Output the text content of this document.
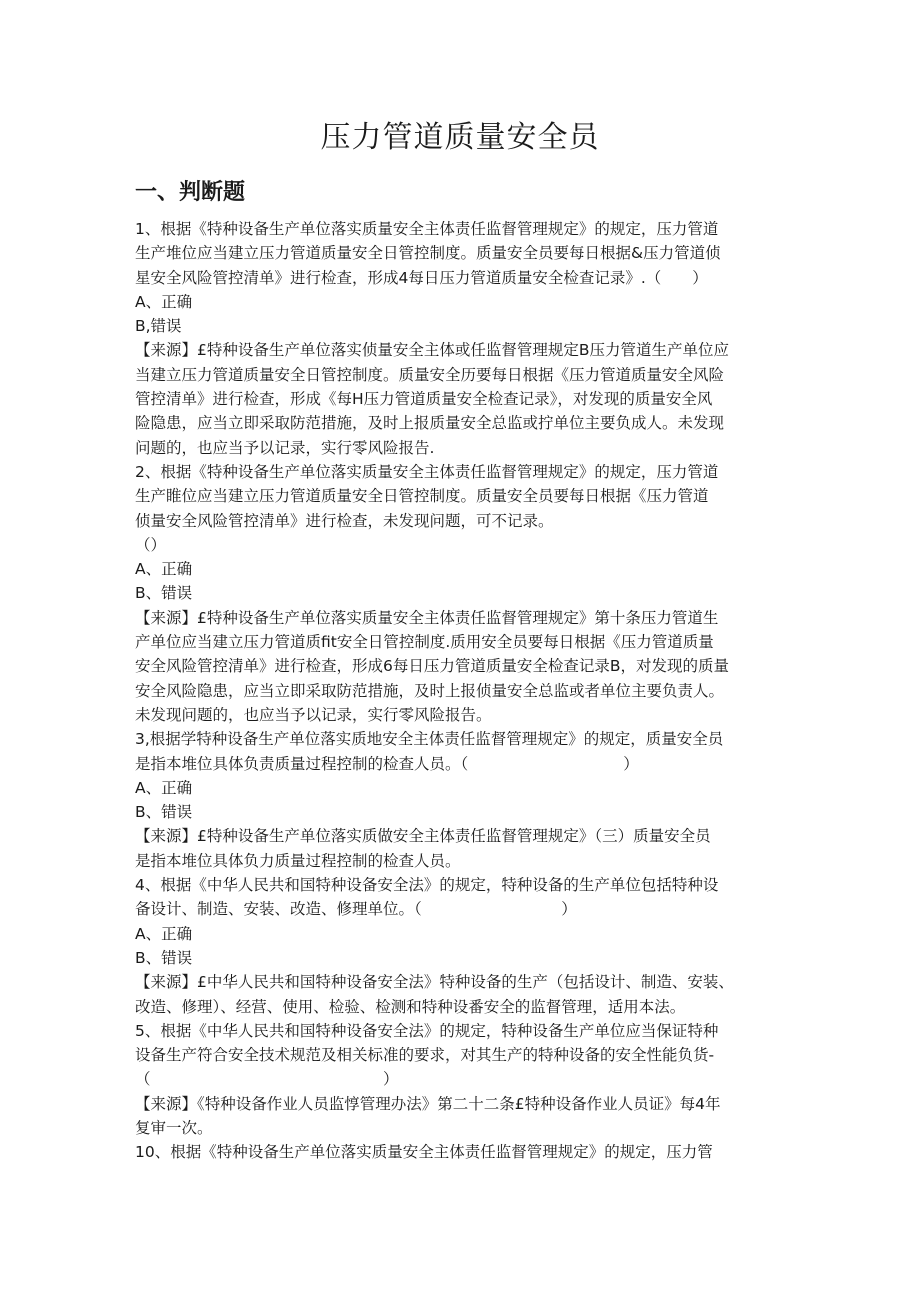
压力管道质量安全员
一、判断题

1、根据《特种设备生产单位落实质量安全主体责任监督管理规定》的规定，压力管道

生产堆位应当建立压力管道质量安全日管控制度。质量安全员要每日根据&压力管道侦

星安全风险管控清单》进行检查，形成4每日压力管道质量安全检查记录》.（　　）

A、正确

B,错误

【来源】£特种设备生产单位落实侦量安全主体或任监督管理规定B压力管道生产单位应

当建立压力管道质量安全日管控制度。质量安全历要每日根据《压力管道质量安全风险

管控清单》进行检查，形成《每H压力管道质量安全检查记录》，对发现的质量安全风

险隐患，应当立即采取防范措施，及时上报质量安全总监或拧单位主要负成人。未发现

问题的，也应当予以记录，实行零风险报告.

2、根据《特种设备生产单位落实质量安全主体责任监督管理规定》的规定，压力管道

生产睢位应当建立压力管道质量安全日管控制度。质量安全员要每日根据《压力管道

侦量安全风险管控清单》进行检查，未发现问题，可不记录。

（）

A、正确

B、错误

【来源】£特种设备生产单位落实质量安全主体责任监督管理规定》第十条压力管道生

产单位应当建立压力管道质fit安全日管控制度.质用安全员要每日根据《压力管道质量

安全风险管控清单》进行检查，形成6每日压力管道质量安全检查记录B，对发现的质量

安全风险隐患，应当立即采取防范措施，及时上报侦量安全总监或者单位主要负责人。

未发现问题的，也应当予以记录，实行零风险报告。

3,根据学特种设备生产单位落实质地安全主体责任监督管理规定》的规定，质量安全员

是指本堆位具体负责质量过程控制的检查人员。（　　　　　　　　　　）

A、正确

B、错误

【来源】£特种设备生产单位落实质做安全主体责任监督管理规定》（三）质量安全员

是指本堆位具体负力质量过程控制的检查人员。

4、根据《中华人民共和国特种设备安全法》的规定，特种设备的生产单位包括特种设

备设计、制造、安装、改造、修理单位。（　　　　　　　　　）

A、正确

B、错误

【来源】£中华人民共和国特种设备安全法》特种设备的生产（包括设计、制造、安装、

改造、修理）、经营、使用、检验、检测和特种设番安全的监督管理，适用本法。

5、根据《中华人民共和国特种设备安全法》的规定，特种设备生产单位应当保证特种

设备生产符合安全技术规范及相关标准的要求，对其生产的特种设备的安全性能负货-

（　　　　　　　　　　　　　　　）

【来源】《特种设备作业人员监惇管理办法》第二十二条£特种设备作业人员证》每4年

复审一次。

10、根据《特种设备生产单位落实质量安全主体责任监督管理规定》的规定，压力管
